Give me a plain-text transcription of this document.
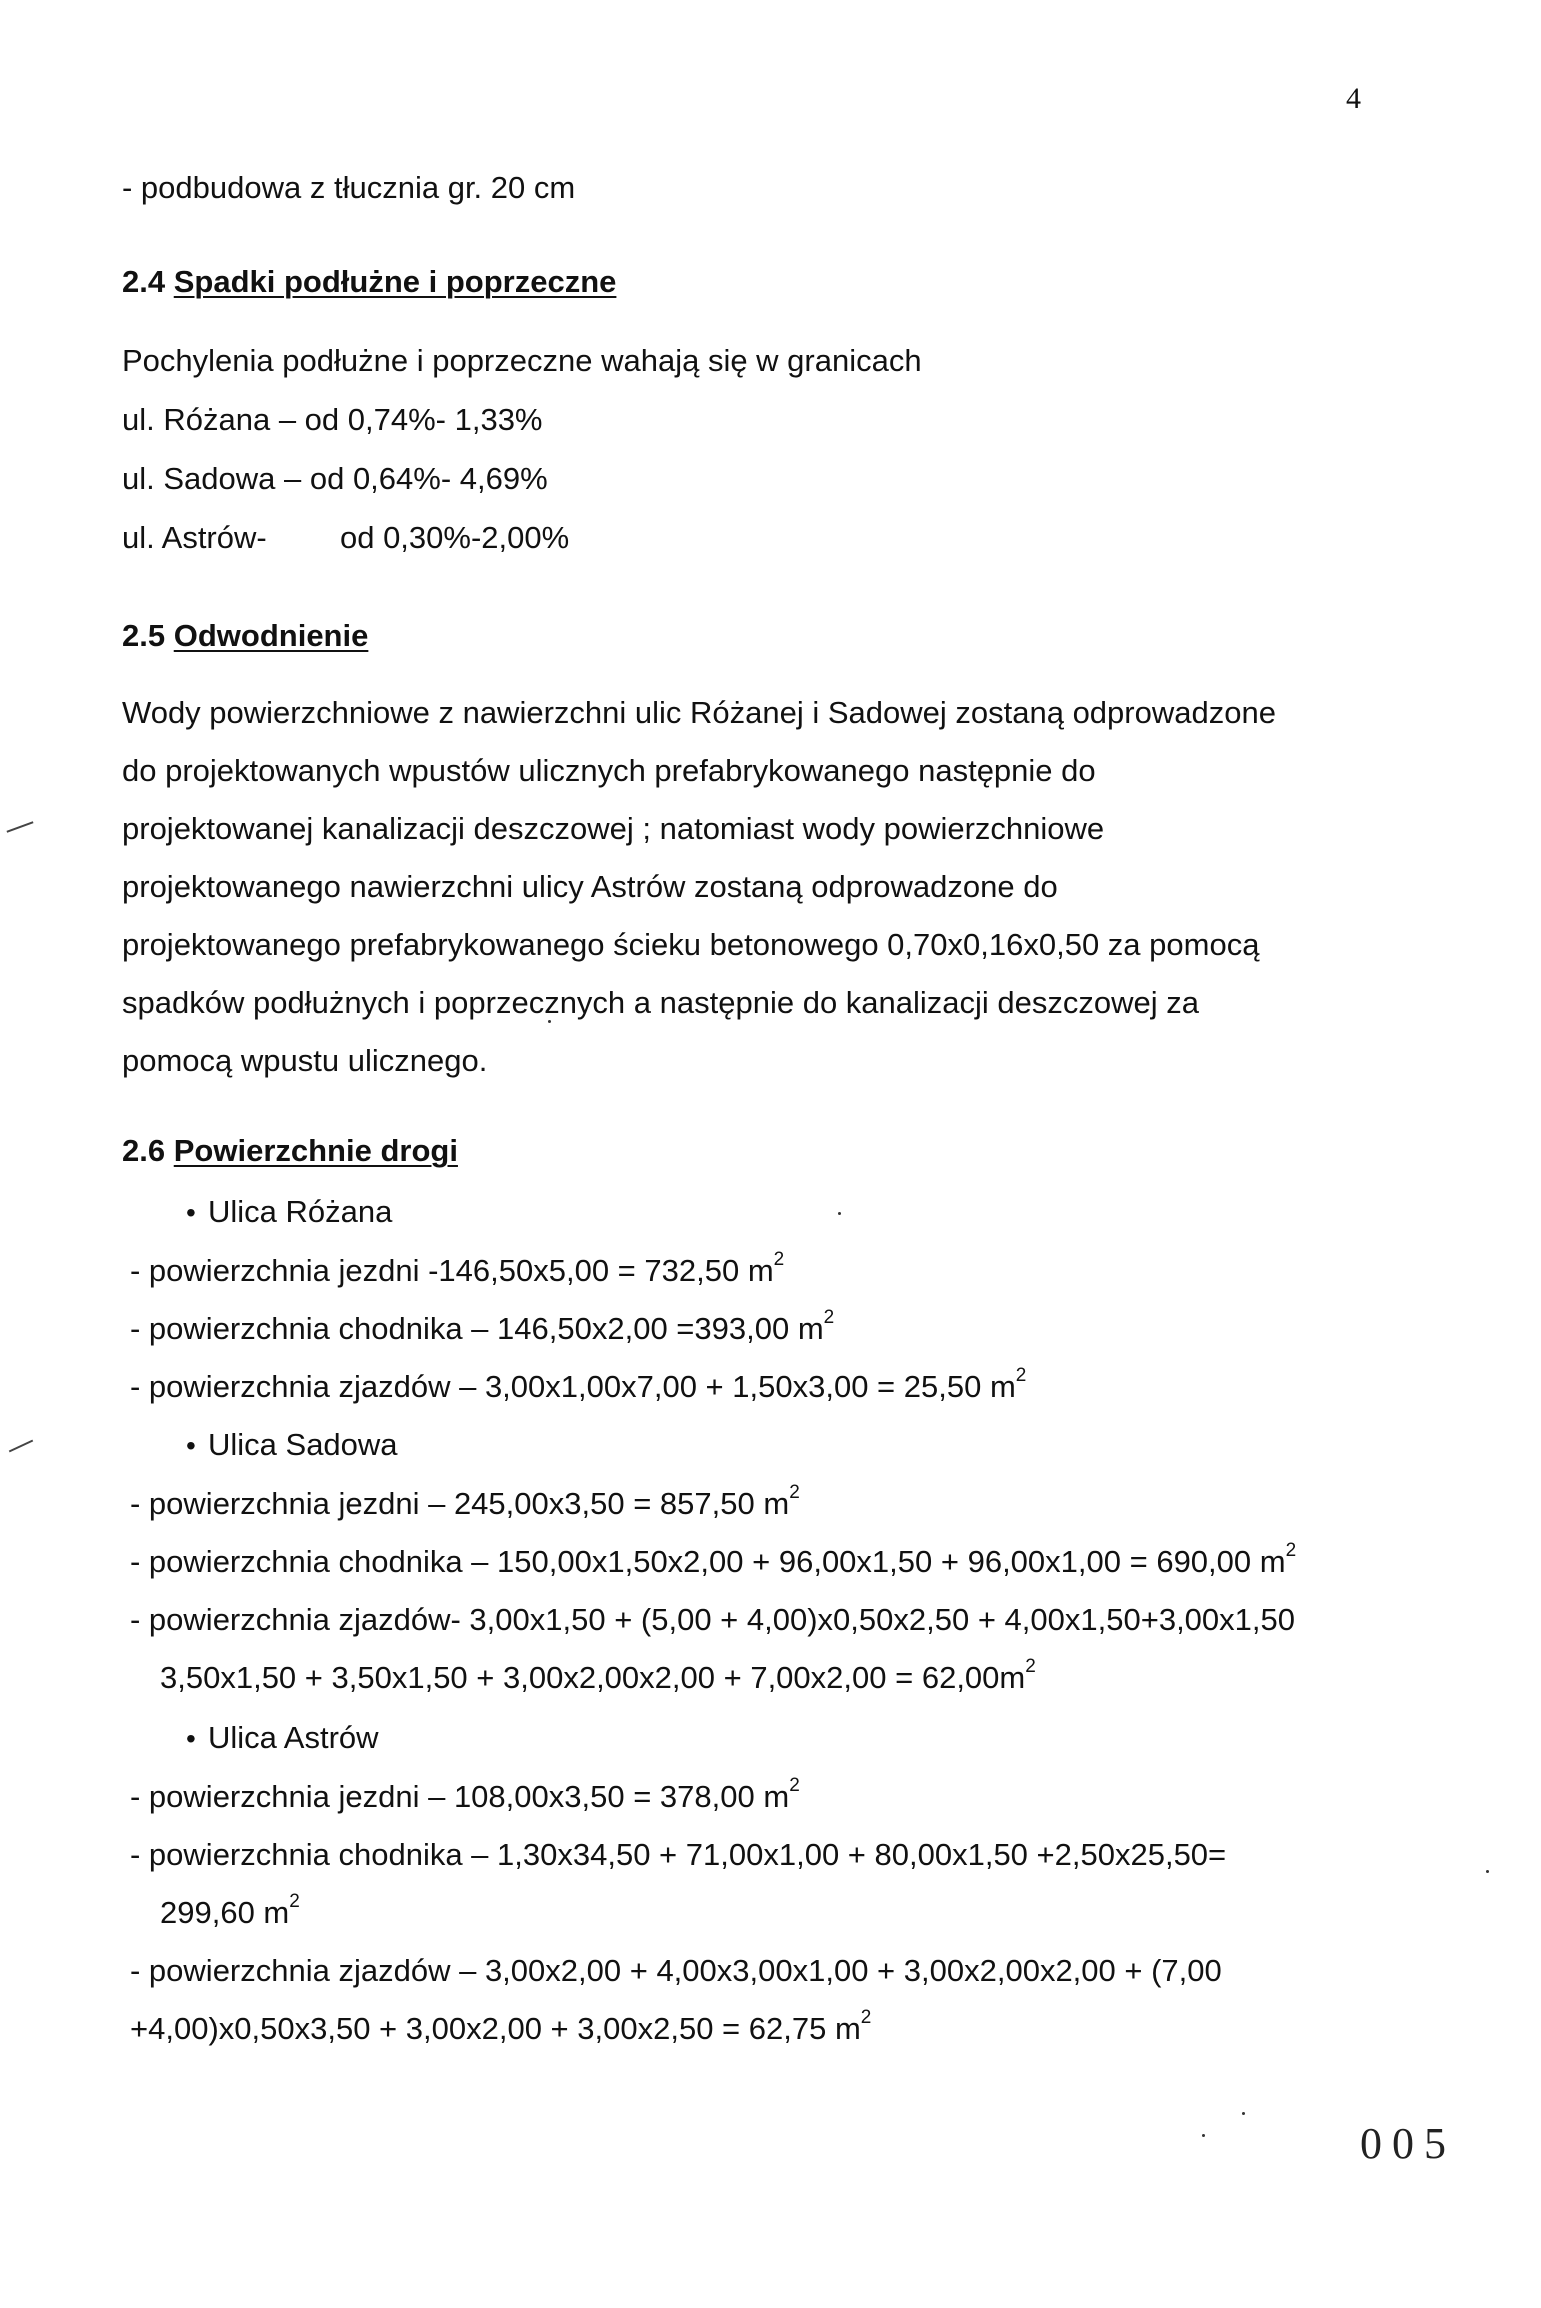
4
- podbudowa z tłucznia gr. 20 cm
2.4 Spadki podłużne i poprzeczne
Pochylenia podłużne i poprzeczne wahają się w granicach
ul. Różana – od 0,74%- 1,33%
ul. Sadowa – od 0,64%- 4,69%
ul. Astrów- od 0,30%-2,00%
2.5 Odwodnienie
Wody powierzchniowe z nawierzchni ulic Różanej i Sadowej zostaną odprowadzone
do projektowanych wpustów ulicznych prefabrykowanego następnie do
projektowanej kanalizacji deszczowej ; natomiast wody powierzchniowe
projektowanego nawierzchni ulicy Astrów zostaną odprowadzone do
projektowanego prefabrykowanego ścieku betonowego 0,70x0,16x0,50 za pomocą
spadków podłużnych i poprzecznych a następnie do kanalizacji deszczowej za
pomocą wpustu ulicznego.
2.6 Powierzchnie drogi
• Ulica Różana
- powierzchnia jezdni -146,50x5,00 = 732,50 $m^2$
- powierzchnia chodnika – 146,50x2,00 =393,00 $m^2$
- powierzchnia zjazdów – 3,00x1,00x7,00 + 1,50x3,00 = 25,50 $m^2$
• Ulica Sadowa
- powierzchnia jezdni – 245,00x3,50 = 857,50 $m^2$
- powierzchnia chodnika – 150,00x1,50x2,00 + 96,00x1,50 + 96,00x1,00 = 690,00 $m^2$
- powierzchnia zjazdów- 3,00x1,50 + (5,00 + 4,00)x0,50x2,50 + 4,00x1,50+3,00x1,50
$3,50x1,50 + 3,50x1,50 + 3,00x2,00x2,00 + 7,00x2,00 = 62,00m^2$
• Ulica Astrów
- powierzchnia jezdni – 108,00x3,50 = 378,00 $m^2$
- powierzchnia chodnika – 1,30x34,50 + 71,00x1,00 + 80,00x1,50 +2,50x25,50=
299,60 $m^2$
- powierzchnia zjazdów – 3,00x2,00 + 4,00x3,00x1,00 + 3,00x2,00x2,00 + (7,00
+4,00)x0,50x3,50 + 3,00x2,00 + 3,00x2,50 = 62,75 $m^2$
005
